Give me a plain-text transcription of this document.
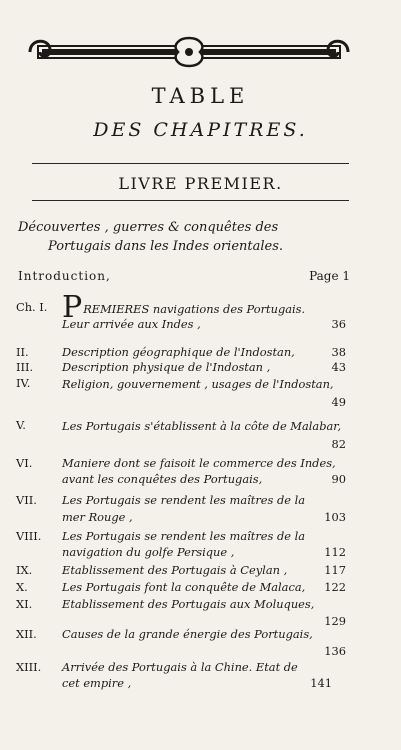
TABLE
DES CHAPITRES.
LIVRE PREMIER.
Découvertes , guerres & conquêtes des
Portugais dans les Indes orientales.
Introduction,	Page 1
Ch. I. PREMIERES navigations des Portugais.
Leur arrivée aux Indes ,	36
II.	Description géographique de l'Indostan,	38
III.	Description physique de l'Indostan ,	43
IV.	Religion, gouvernement , usages de l'Indostan,
49
V.	Les Portugais s'établissent à la côte de Malabar,
82
VI.	Maniere dont se faisoit le commerce des Indes,
avant les conquêtes des Portugais,	90
VII. Les Portugais se rendent les maîtres de la
mer Rouge ,	103
VIII. Les Portugais se rendent les maîtres de la
navigation du golfe Persique ,	112
IX.	Etablissement des Portugais à Ceylan ,	117
X.	Les Portugais font la conquête de Malaca,	122
XI.	Etablissement des Portugais aux Moluques,
129
XII. Causes de la grande énergie des Portugais,
136
XIII. Arrivée des Portugais à la Chine. Etat de
cet empire ,	141
